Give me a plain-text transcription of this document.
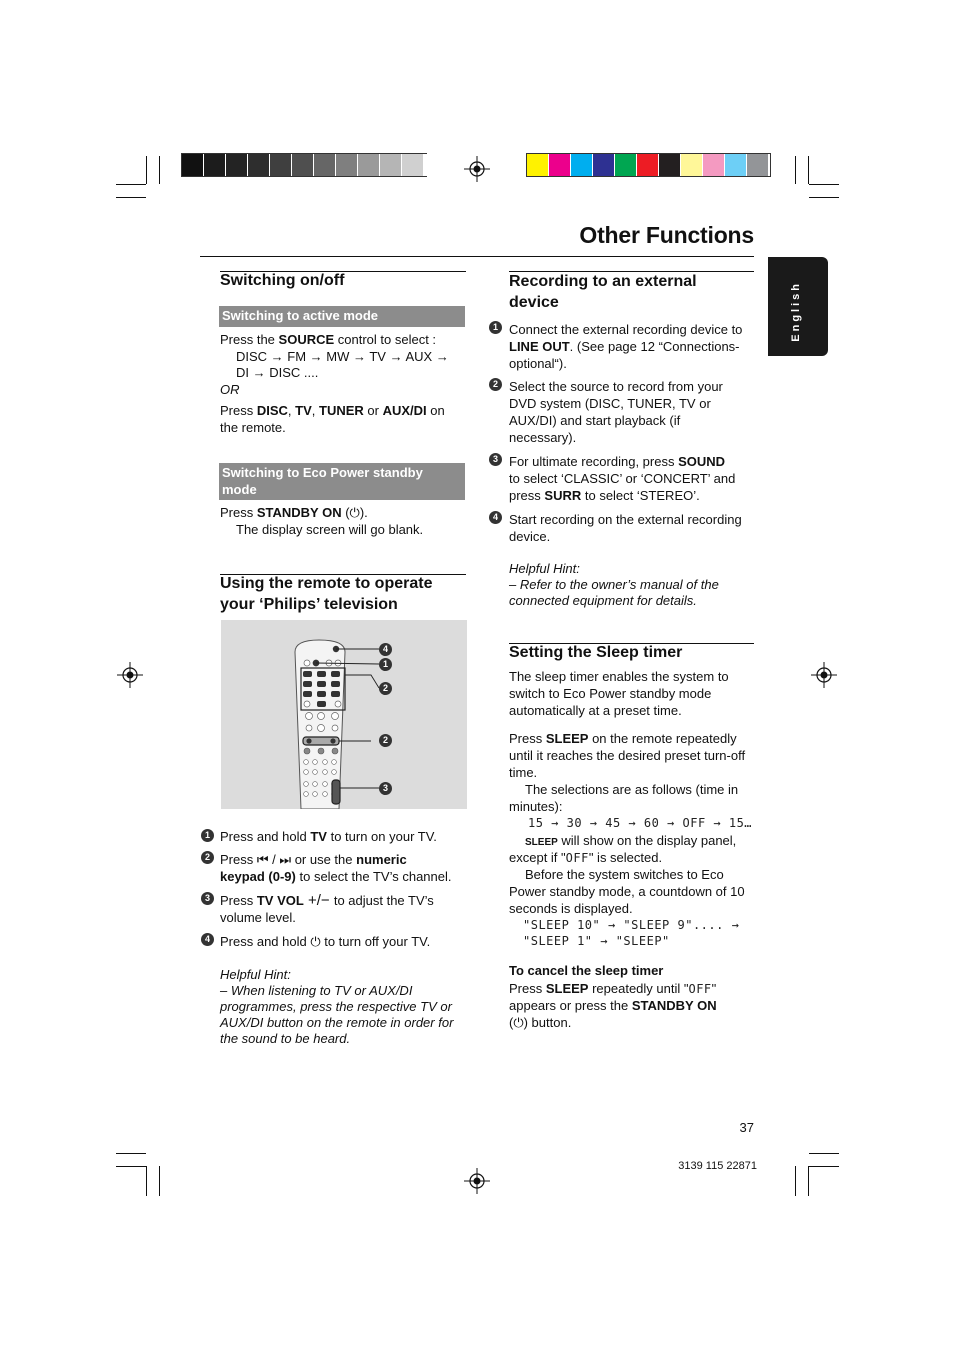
Other Functions
English
Switching on/off
Switching to active mode
Press the SOURCE control to select :
DISC → FM → MW → TV → AUX →
DI → DISC ....
OR
Press DISC, TV, TUNER or AUX/DI on
the remote.
Switching to Eco Power standby
mode
Press STANDBY ON (⏻).
The display screen will go blank.
Using the remote to operate
your ‘Philips’ television
4
1
2
2
3
1 Press and hold TV to turn on your TV.
2 Press ⏮ / ⏭ or use the numeric
keypad (0-9) to select the TV’s channel.
3 Press TV VOL +/− to adjust the TV’s
volume level.
4 Press and hold ⏻ to turn off your TV.
Helpful Hint:
– When listening to TV or AUX/DI
programmes, press the respective TV or
AUX/DI button on the remote in order for
the sound to be heard.
Recording to an external
device
1 Connect the external recording device to
LINE OUT. (See page 12 “Connections-
optional“).
2 Select the source to record from your
DVD system (DISC, TUNER, TV or
AUX/DI) and start playback (if
necessary).
3 For ultimate recording, press SOUND
to select ‘CLASSIC’ or ‘CONCERT’ and
press SURR to select ‘STEREO’.
4 Start recording on the external recording
device.
Helpful Hint:
– Refer to the owner’s manual of the
connected equipment for details.
Setting the Sleep timer
The sleep timer enables the system to
switch to Eco Power standby mode
automatically at a preset time.
Press SLEEP on the remote repeatedly
until it reaches the desired preset turn-off
time.
The selections are as follows (time in
minutes):
15 → 30 → 45 → 60 → OFF → 15…
SLEEP will show on the display panel,
except if "OFF" is selected.
Before the system switches to Eco
Power standby mode, a countdown of 10
seconds is displayed.
"SLEEP 10" → "SLEEP 9".... →
"SLEEP 1" → "SLEEP"
To cancel the sleep timer
Press SLEEP repeatedly until "OFF"
appears or press the STANDBY ON
(⏻) button.
37
3139 115 22871
